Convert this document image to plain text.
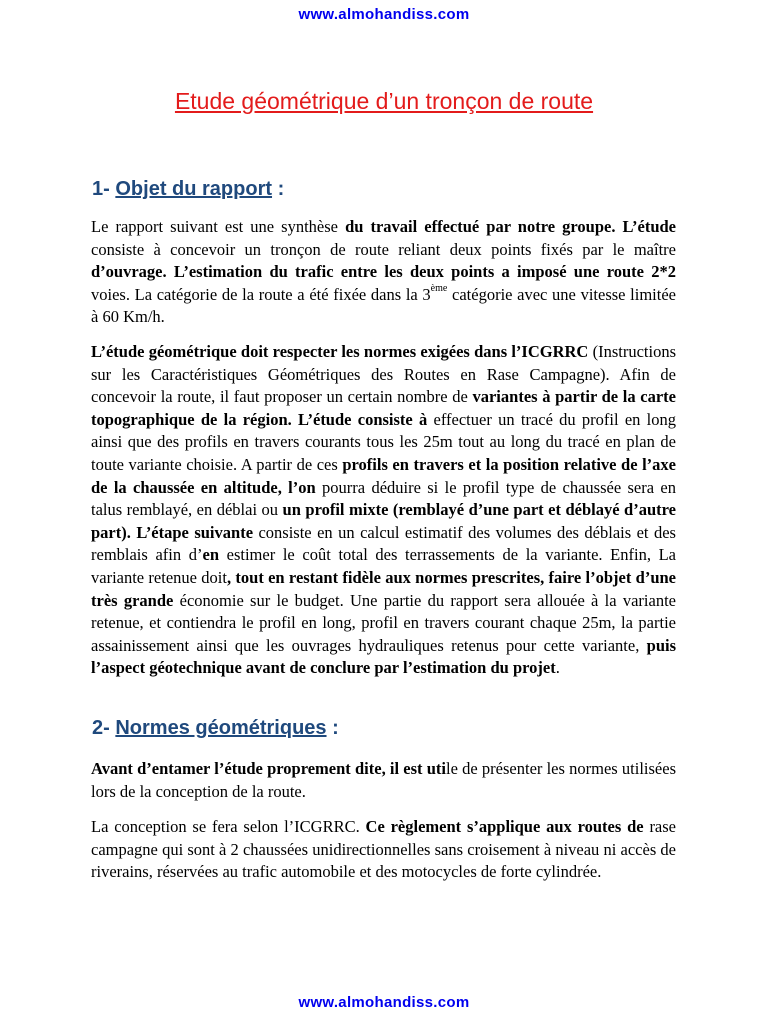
www.almohandiss.com
Etude géométrique d’un tronçon de route
1- Objet du rapport :
Le rapport suivant est une synthèse du travail effectué par notre groupe. L’étude consiste à concevoir un tronçon de route reliant deux points fixés par le maître d’ouvrage. L’estimation du trafic entre les deux points a imposé une route 2*2 voies. La catégorie de la route a été fixée dans la 3ème catégorie avec une vitesse limitée à 60 Km/h.
L’étude géométrique doit respecter les normes exigées dans l’ICGRRC (Instructions sur les Caractéristiques Géométriques des Routes en Rase Campagne). Afin de concevoir la route, il faut proposer un certain nombre de variantes à partir de la carte topographique de la région. L’étude consiste à effectuer un tracé du profil en long ainsi que des profils en travers courants tous les 25m tout au long du tracé en plan de toute variante choisie. A partir de ces profils en travers et la position relative de l’axe de la chaussée en altitude, l’on pourra déduire si le profil type de chaussée sera en talus remblayé, en déblai ou un profil mixte (remblayé d’une part et déblayé d’autre part). L’étape suivante consiste en un calcul estimatif des volumes des déblais et des remblais afin d’en estimer le coût total des terrassements de la variante. Enfin, La variante retenue doit, tout en restant fidèle aux normes prescrites, faire l’objet d’une très grande économie sur le budget. Une partie du rapport sera allouée à la variante retenue, et contiendra le profil en long, profil en travers courant chaque 25m, la partie assainissement ainsi que les ouvrages hydrauliques retenus pour cette variante, puis l’aspect géotechnique avant de conclure par l’estimation du projet.
2- Normes géométriques :
Avant d’entamer l’étude proprement dite, il est utile de présenter les normes utilisées lors de la conception de la route.
La conception se fera selon l’ICGRRC. Ce règlement s’applique aux routes de rase campagne qui sont à 2 chaussées unidirectionnelles sans croisement à niveau ni accès de riverains, réservées au trafic automobile et des motocycles de forte cylindrée.
www.almohandiss.com
